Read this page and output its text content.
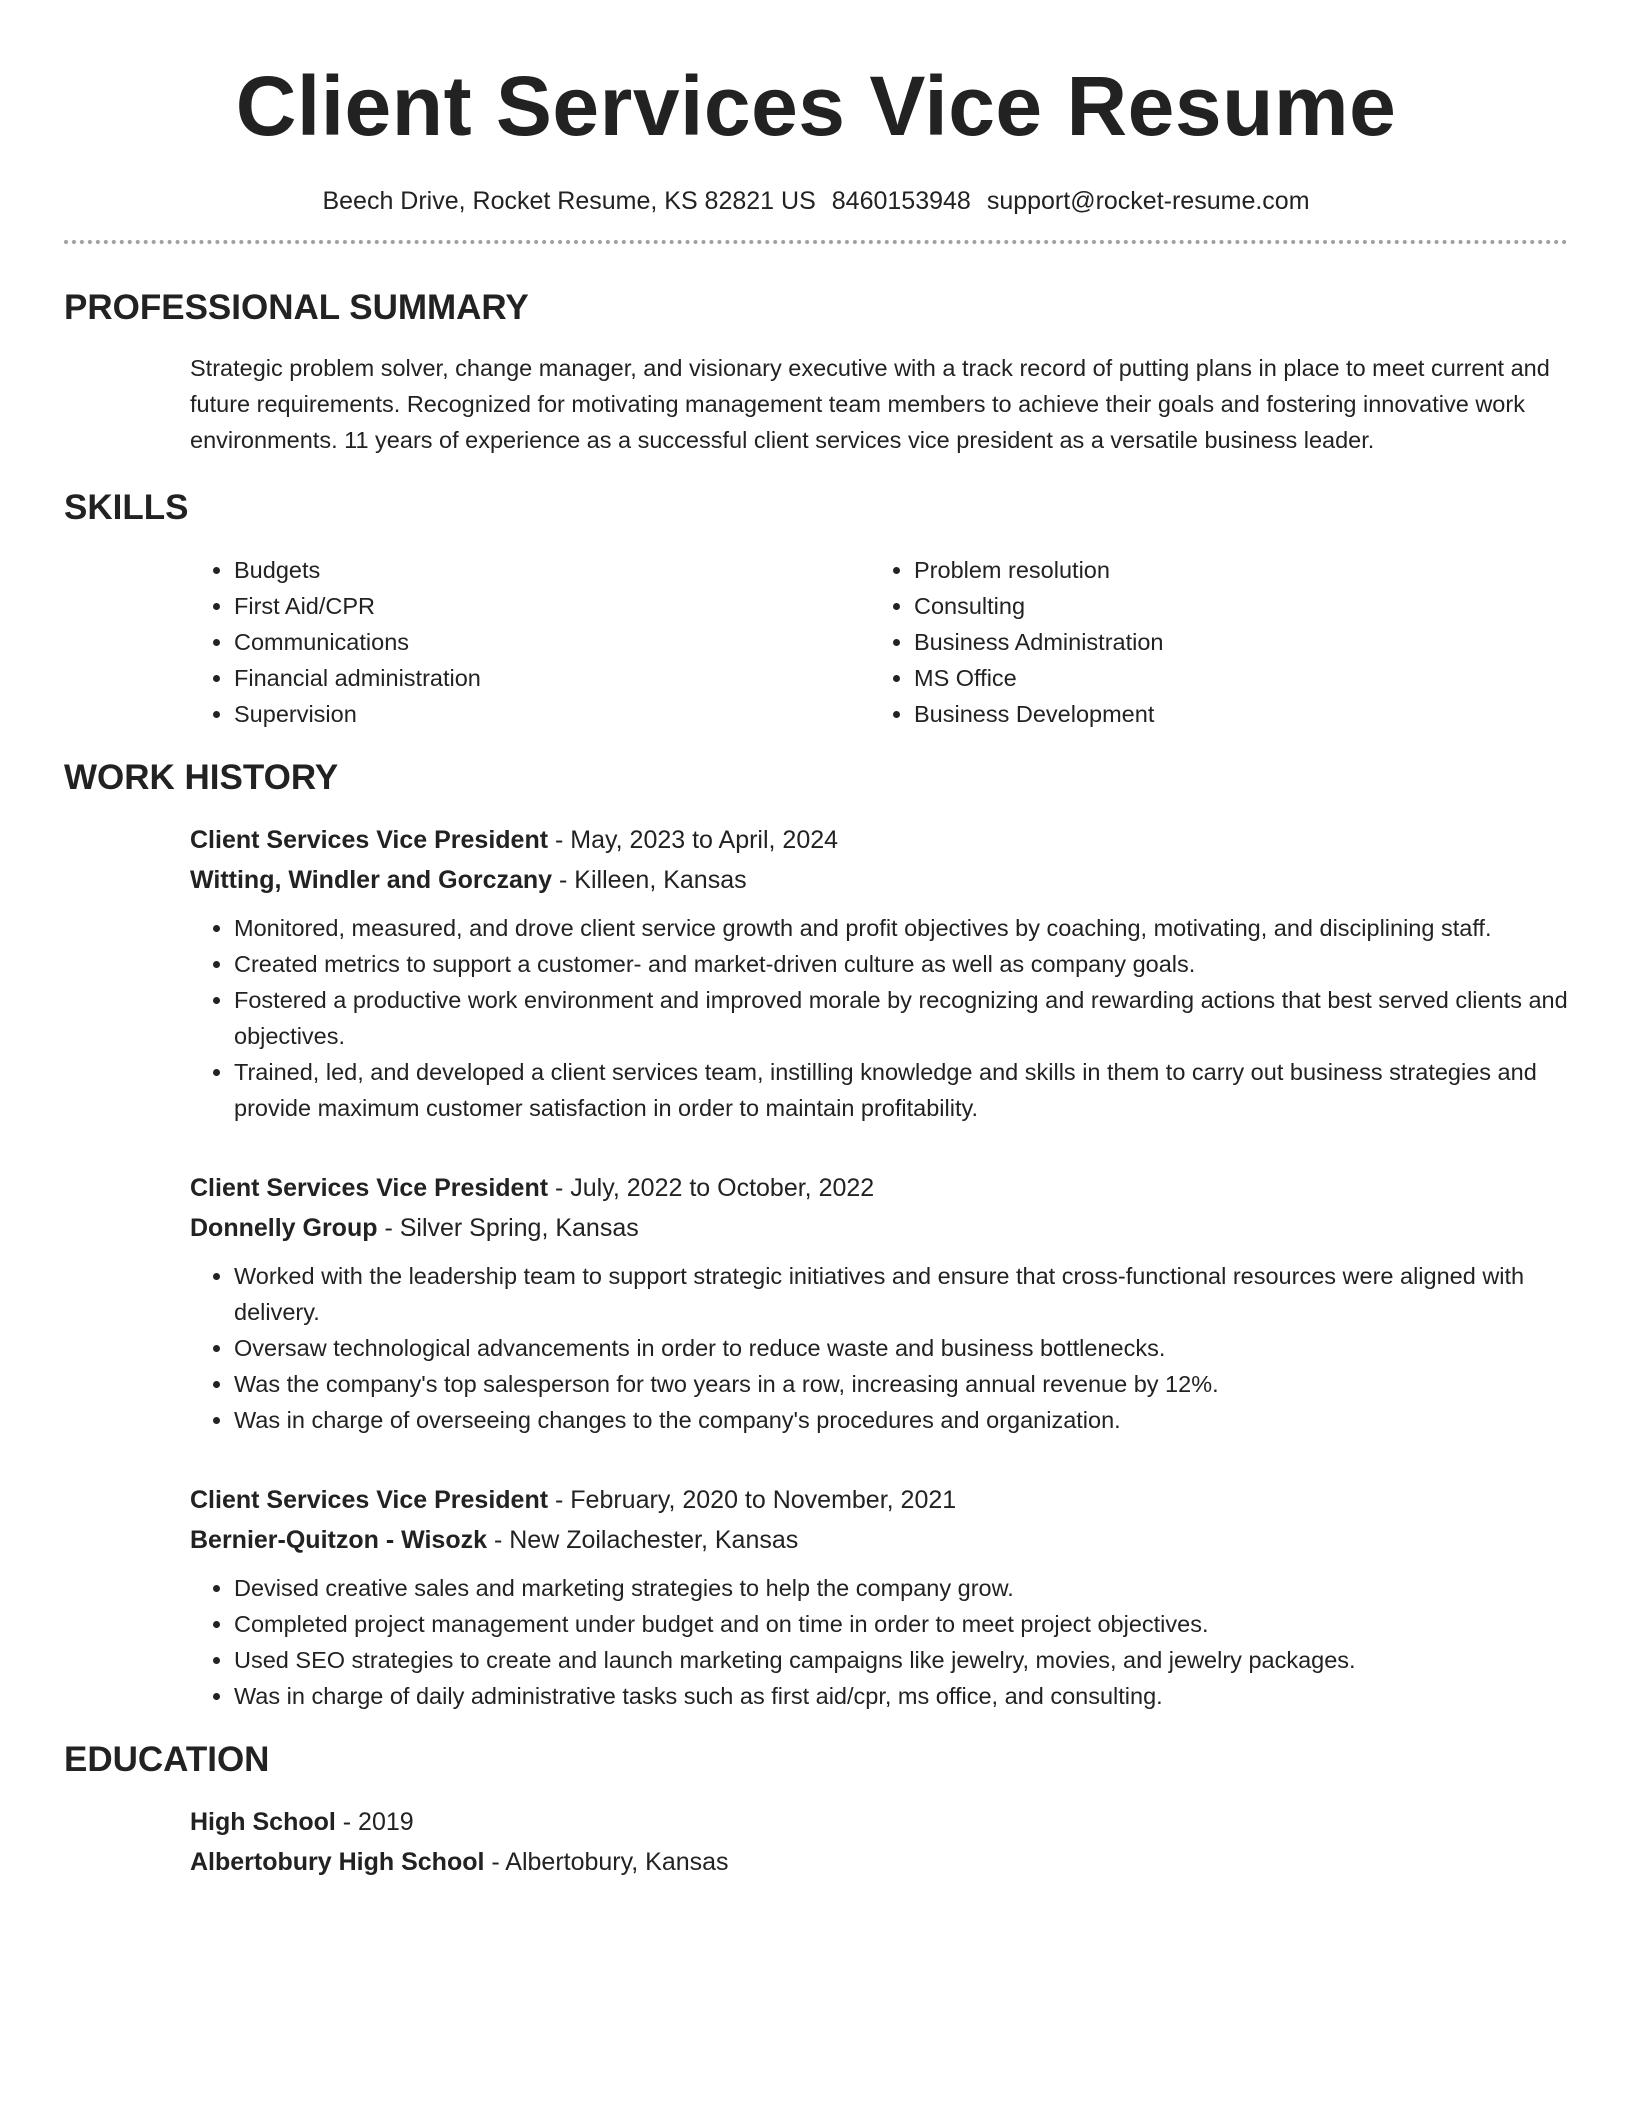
Client Services Vice Resume
Beech Drive, Rocket Resume, KS 82821 US 8460153948 support@rocket-resume.com
PROFESSIONAL SUMMARY
Strategic problem solver, change manager, and visionary executive with a track record of putting plans in place to meet current and future requirements. Recognized for motivating management team members to achieve their goals and fostering innovative work environments. 11 years of experience as a successful client services vice president as a versatile business leader.
SKILLS
• Budgets
• First Aid/CPR
• Communications
• Financial administration
• Supervision
• Problem resolution
• Consulting
• Business Administration
• MS Office
• Business Development
WORK HISTORY
Client Services Vice President - May, 2023 to April, 2024
Witting, Windler and Gorczany - Killeen, Kansas
• Monitored, measured, and drove client service growth and profit objectives by coaching, motivating, and disciplining staff.
• Created metrics to support a customer- and market-driven culture as well as company goals.
• Fostered a productive work environment and improved morale by recognizing and rewarding actions that best served clients and objectives.
• Trained, led, and developed a client services team, instilling knowledge and skills in them to carry out business strategies and provide maximum customer satisfaction in order to maintain profitability.
Client Services Vice President - July, 2022 to October, 2022
Donnelly Group - Silver Spring, Kansas
• Worked with the leadership team to support strategic initiatives and ensure that cross-functional resources were aligned with delivery.
• Oversaw technological advancements in order to reduce waste and business bottlenecks.
• Was the company's top salesperson for two years in a row, increasing annual revenue by 12%.
• Was in charge of overseeing changes to the company's procedures and organization.
Client Services Vice President - February, 2020 to November, 2021
Bernier-Quitzon - Wisozk - New Zoilachester, Kansas
• Devised creative sales and marketing strategies to help the company grow.
• Completed project management under budget and on time in order to meet project objectives.
• Used SEO strategies to create and launch marketing campaigns like jewelry, movies, and jewelry packages.
• Was in charge of daily administrative tasks such as first aid/cpr, ms office, and consulting.
EDUCATION
High School - 2019
Albertobury High School - Albertobury, Kansas
